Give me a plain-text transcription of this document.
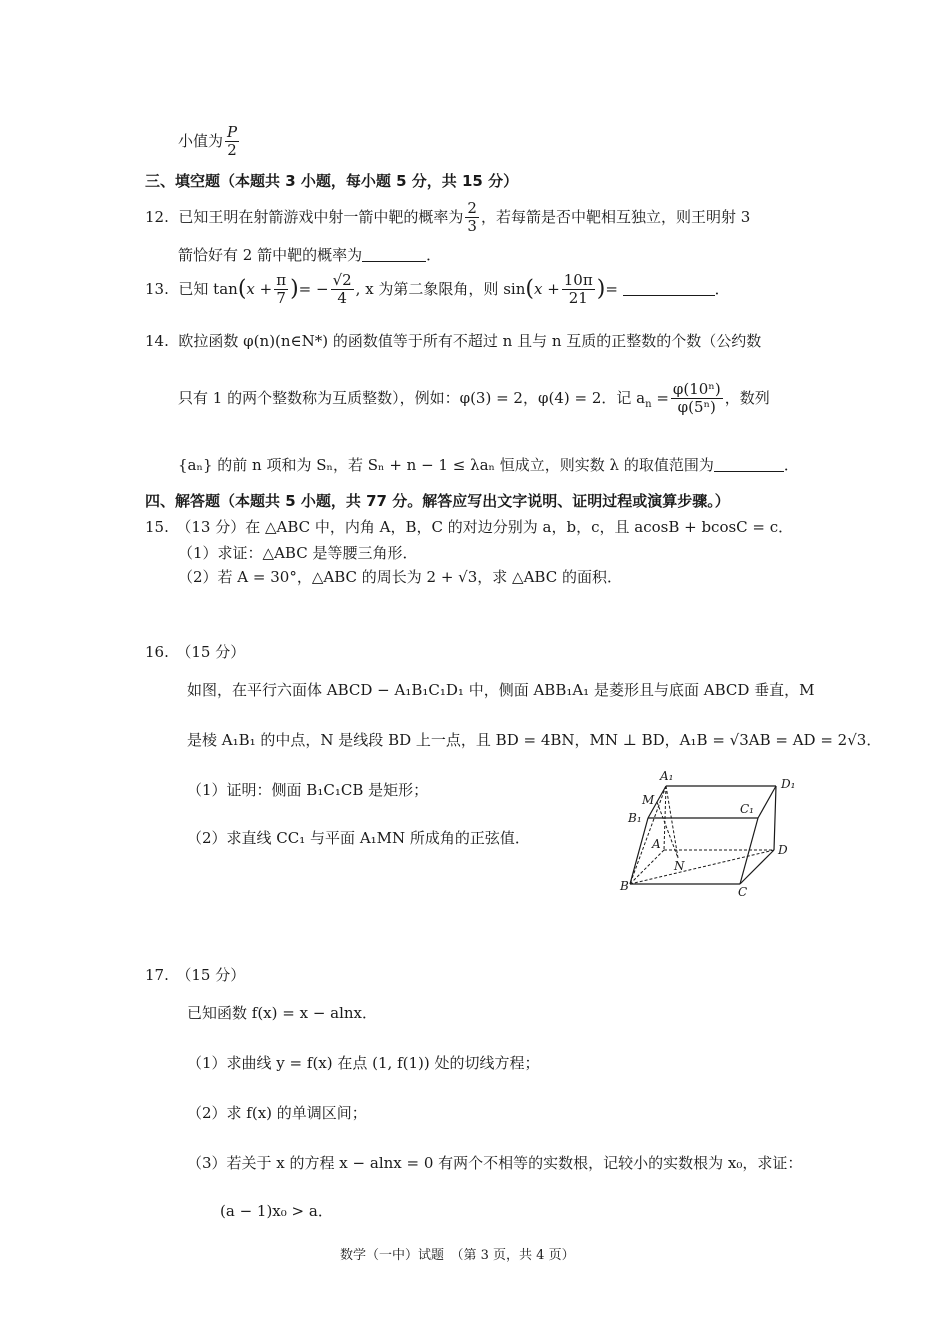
小值为 $\frac{P}{2}$
三、填空题（本题共 3 小题，每小题 5 分，共 15 分）
12. 已知王明在射箭游戏中射一箭中靶的概率为 $\frac{2}{3}$ ，若每箭是否中靶相互独立，则王明射 3
箭恰好有 2 箭中靶的概率为	．
13. 已知 $\tan(x + \frac{\pi}{7}$ )= − $\frac{√2}{4}$ , x 为第二象限角，则 $\sin(x + \frac{10\pi}{21}$ )=	．
14. 欧拉函数 φ(n)(n∈N*) 的函数值等于所有不超过 n 且与 n 互质的正整数的个数（公约数
只有 1 的两个整数称为互质整数），例如：φ(3) = 2，φ(4) = 2．记 $a_n = \frac{\text{φ(10ⁿ)}}{\text{φ(5ⁿ)}}$ ，数列
{aₙ} 的前 n 项和为 Sₙ，若 Sₙ + n − 1 ≤ λaₙ 恒成立，则实数 λ 的取值范围为	．
四、解答题（本题共 5 小题，共 77 分。解答应写出文字说明、证明过程或演算步骤。）
15.　（13 分）在 △ABC 中，内角 A，B，C 的对边分别为 a，b，c，且 acosB + bcosC = c．
（1）求证：△ABC 是等腰三角形．
（2）若 A = 30°，△ABC 的周长为 2 + √3，求 △ABC 的面积．
16.　（15 分）
如图，在平行六面体 ABCD − A₁B₁C₁D₁ 中，侧面 ABB₁A₁ 是菱形且与底面 ABCD 垂直，M
是棱 A₁B₁ 的中点，N 是线段 BD 上一点，且 BD = 4BN，MN ⊥ BD，A₁B = √3AB = AD = 2√3．
（1）证明：侧面 B₁C₁CB 是矩形；
（2）求直线 CC₁ 与平面 A₁MN 所成角的正弦值．
A₁
D₁
M
C₁
B₁
A
N
D
B	C
17.　（15 分）
已知函数 f(x) = x − alnx．
（1）求曲线 y = f(x) 在点 (1, f(1)) 处的切线方程；
（2）求 f(x) 的单调区间；
（3）若关于 x 的方程 x − alnx = 0 有两个不相等的实数根，记较小的实数根为 x₀，求证：
(a − 1)x₀ > a．
数学（一中）试题　（第 3 页，共 4 页）
